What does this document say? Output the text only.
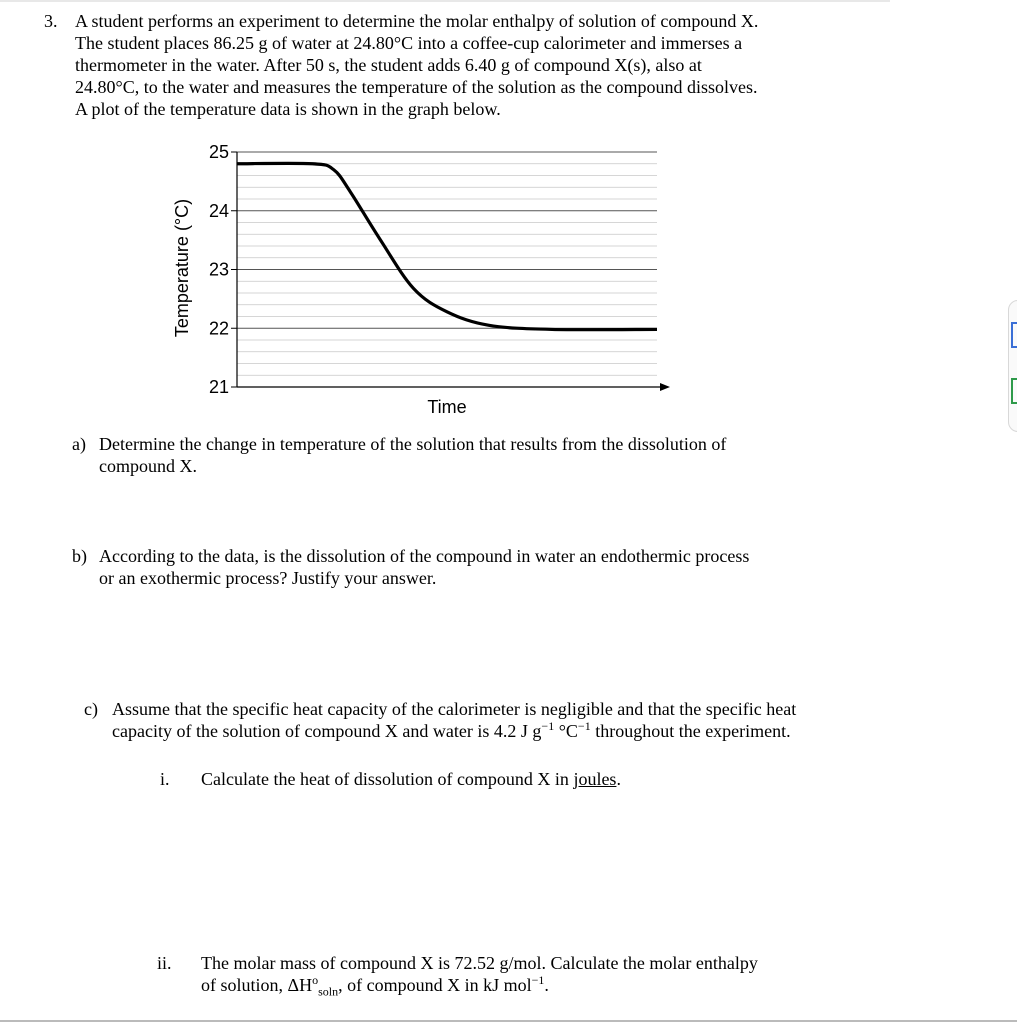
3. A student performs an experiment to determine the molar enthalpy of solution of compound X.

The student places 86.25 g of water at 24.80°C into a coffee-cup calorimeter and immerses a

thermometer in the water. After 50 s, the student adds 6.40 g of compound X(s), also at

24.80°C, to the water and measures the temperature of the solution as the compound dissolves.

A plot of the temperature data is shown in the graph below.

25
24
23
22
21
Temperature (°C)
Time
a) Determine the change in temperature of the solution that results from the dissolution of

compound X.

b) According to the data, is the dissolution of the compound in water an endothermic process

or an exothermic process? Justify your answer.

c) Assume that the specific heat capacity of the calorimeter is negligible and that the specific heat

capacity of the solution of compound X and water is 4.2 J $g^{-1}$ $^\circ C^{-1}$ throughout the experiment.

i. Calculate the heat of dissolution of compound X in joules.

ii. The molar mass of compound X is 72.52 g/mol. Calculate the molar enthalpy

of solution, $\Delta H^o_{soln}$, of compound X in kJ mol$^{-1}$.
